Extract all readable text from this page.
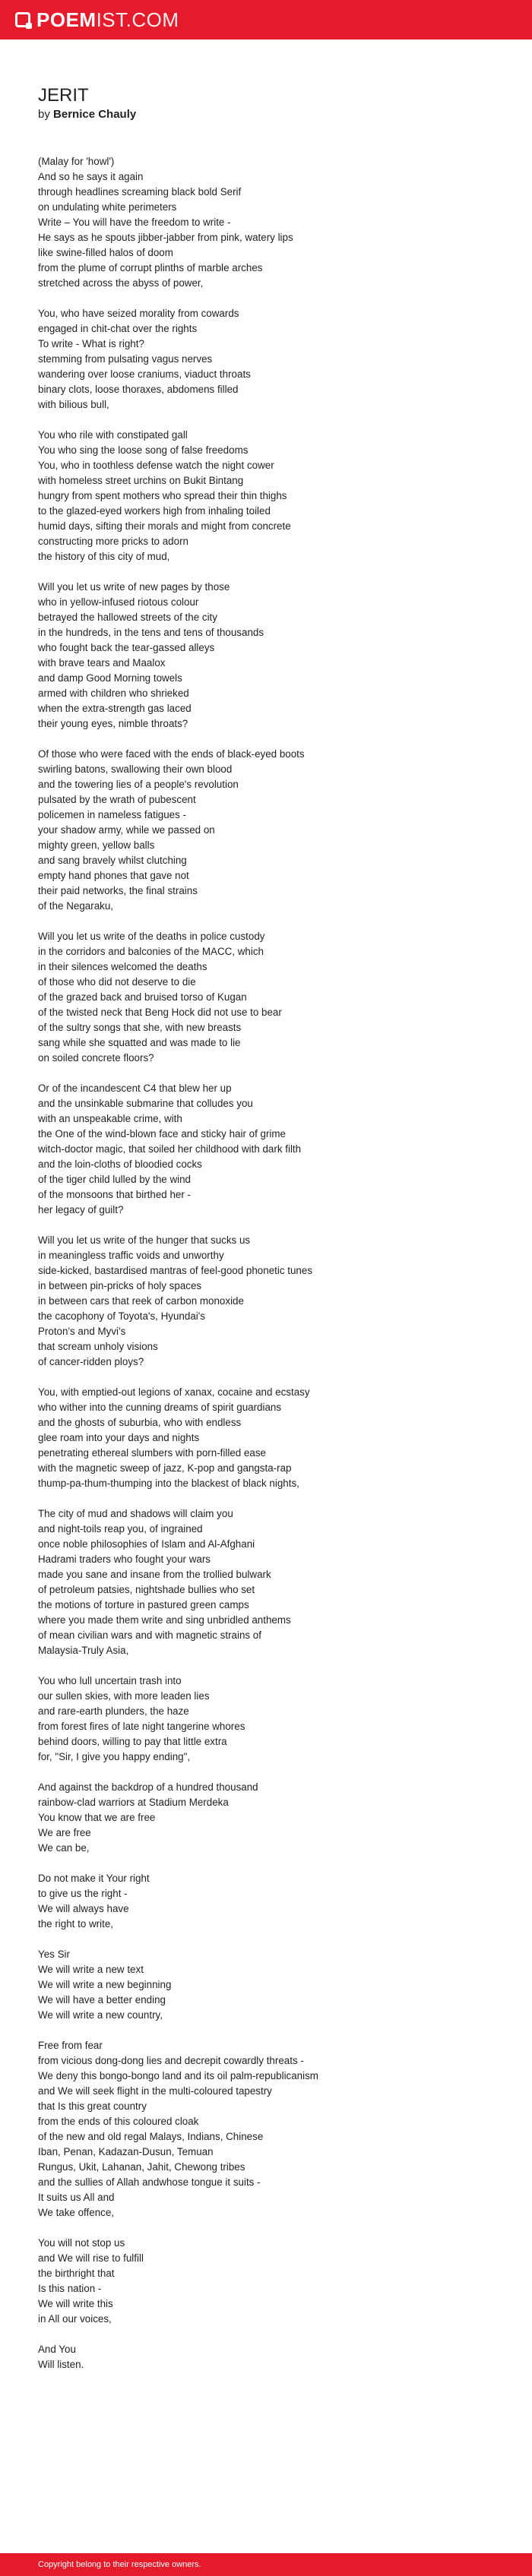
POEMIST.COM
JERIT
by Bernice Chauly
(Malay for 'howl')
And so he says it again
through headlines screaming black bold Serif
on undulating white perimeters
Write – You will have the freedom to write -
He says as he spouts jibber-jabber from pink, watery lips
like swine-filled halos of doom
from the plume of corrupt plinths of marble arches
stretched across the abyss of power,
You, who have seized morality from cowards
engaged in chit-chat over the rights
To write - What is right?
stemming from pulsating vagus nerves
wandering over loose craniums, viaduct throats
binary clots, loose thoraxes, abdomens filled
with bilious bull,
You who rile with constipated gall
You who sing the loose song of false freedoms
You, who in toothless defense watch the night cower
with homeless street urchins on Bukit Bintang
hungry from spent mothers who spread their thin thighs
to the glazed-eyed workers high from inhaling toiled
humid days, sifting their morals and might from concrete
constructing more pricks to adorn
the history of this city of mud,
Will you let us write of new pages by those
who in yellow-infused riotous colour
betrayed the hallowed streets of the city
in the hundreds, in the tens and tens of thousands
who fought back the tear-gassed alleys
with brave tears and Maalox
and damp Good Morning towels
armed with children who shrieked
when the extra-strength gas laced
their young eyes, nimble throats?
Of those who were faced with the ends of black-eyed boots
swirling batons, swallowing their own blood
and the towering lies of a people's revolution
pulsated by the wrath of pubescent
policemen in nameless fatigues -
your shadow army, while we passed on
mighty green, yellow balls
and sang bravely whilst clutching
empty hand phones that gave not
their paid networks, the final strains
of the Negaraku,
Will you let us write of the deaths in police custody
in the corridors and balconies of the MACC, which
in their silences welcomed the deaths
of those who did not deserve to die
of the grazed back and bruised torso of Kugan
of the twisted neck that Beng Hock did not use to bear
of the sultry songs that she, with new breasts
sang while she squatted and was made to lie
on soiled concrete floors?
Or of the incandescent C4 that blew her up
and the unsinkable submarine that colludes you
with an unspeakable crime, with
the One of the wind-blown face and sticky hair of grime
witch-doctor magic, that soiled her childhood with dark filth
and the loin-cloths of bloodied cocks
of the tiger child lulled by the wind
of the monsoons that birthed her -
her legacy of guilt?
Will you let us write of the hunger that sucks us
in meaningless traffic voids and unworthy
side-kicked, bastardised mantras of feel-good phonetic tunes
in between pin-pricks of holy spaces
in between cars that reek of carbon monoxide
the cacophony of Toyota's, Hyundai's
Proton's and Myvi's
that scream unholy visions
of cancer-ridden ploys?
You, with emptied-out legions of xanax, cocaine and ecstasy
who wither into the cunning dreams of spirit guardians
and the ghosts of suburbia, who with endless
glee roam into your days and nights
penetrating ethereal slumbers with porn-filled ease
with the magnetic sweep of jazz, K-pop and gangsta-rap
thump-pa-thum-thumping into the blackest of black nights,
The city of mud and shadows will claim you
and night-toils reap you, of ingrained
once noble philosophies of Islam and Al-Afghani
Hadrami traders who fought your wars
made you sane and insane from the trollied bulwark
of petroleum patsies, nightshade bullies who set
the motions of torture in pastured green camps
where you made them write and sing unbridled anthems
of mean civilian wars and with magnetic strains of
Malaysia-Truly Asia,
You who lull uncertain trash into
our sullen skies, with more leaden lies
and rare-earth plunders, the haze
from forest fires of late night tangerine whores
behind doors, willing to pay that little extra
for, "Sir, I give you happy ending",
And against the backdrop of a hundred thousand
rainbow-clad warriors at Stadium Merdeka
You know that we are free
We are free
We can be,
Do not make it Your right
to give us the right -
We will always have
the right to write,
Yes Sir
We will write a new text
We will write a new beginning
We will have a better ending
We will write a new country,
Free from fear
from vicious dong-dong lies and decrepit cowardly threats -
We deny this bongo-bongo land and its oil palm-republicanism
and We will seek flight in the multi-coloured tapestry
that Is this great country
from the ends of this coloured cloak
of the new and old regal Malays, Indians, Chinese
Iban, Penan, Kadazan-Dusun, Temuan
Rungus, Ukit, Lahanan, Jahit, Chewong tribes
and the sullies of Allah andwhose tongue it suits -
It suits us All and
We take offence,
You will not stop us
and We will rise to fulfill
the birthright that
Is this nation -
We will write this
in All our voices,
And You
Will listen.
Copyright belong to their respective owners.
